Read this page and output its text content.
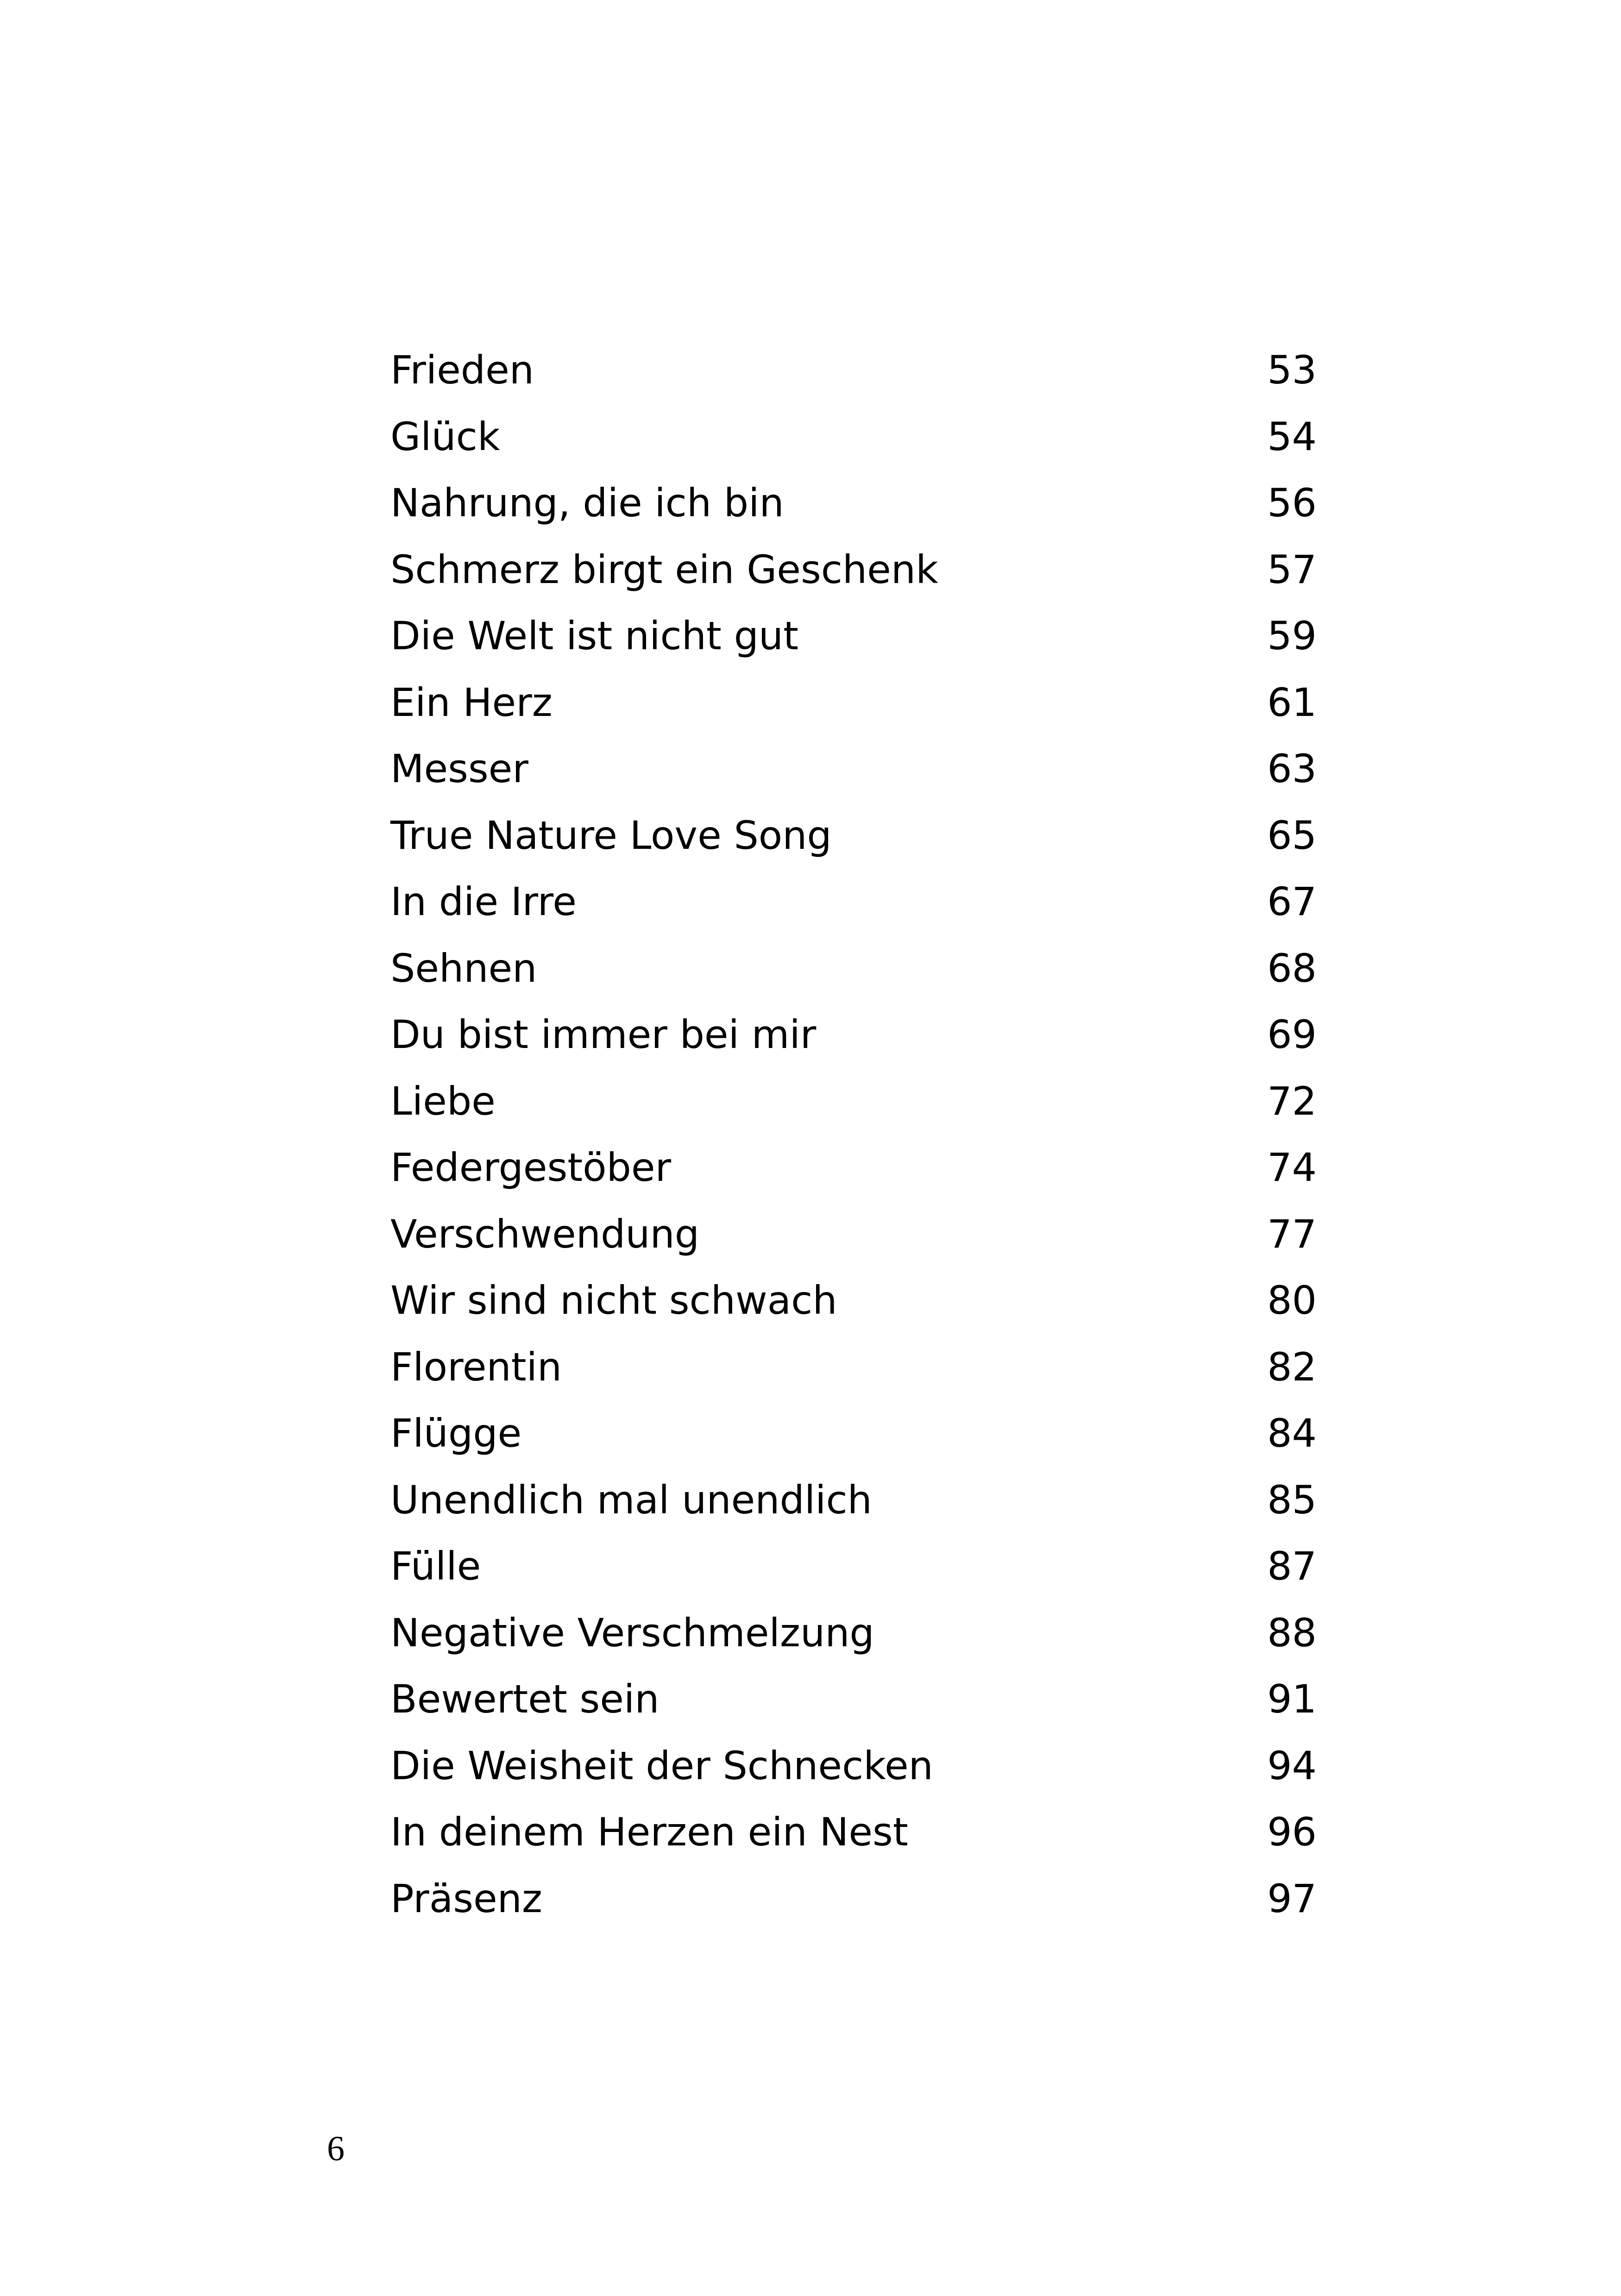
Frieden	53
Glück	54
Nahrung, die ich bin	56
Schmerz birgt ein Geschenk	57
Die Welt ist nicht gut	59
Ein Herz	61
Messer	63
True Nature Love Song	65
In die Irre	67
Sehnen	68
Du bist immer bei mir	69
Liebe	72
Federgestöber	74
Verschwendung	77
Wir sind nicht schwach	80
Florentin	82
Flügge	84
Unendlich mal unendlich	85
Fülle	87
Negative Verschmelzung	88
Bewertet sein	91
Die Weisheit der Schnecken	94
In deinem Herzen ein Nest	96
Präsenz	97
6
